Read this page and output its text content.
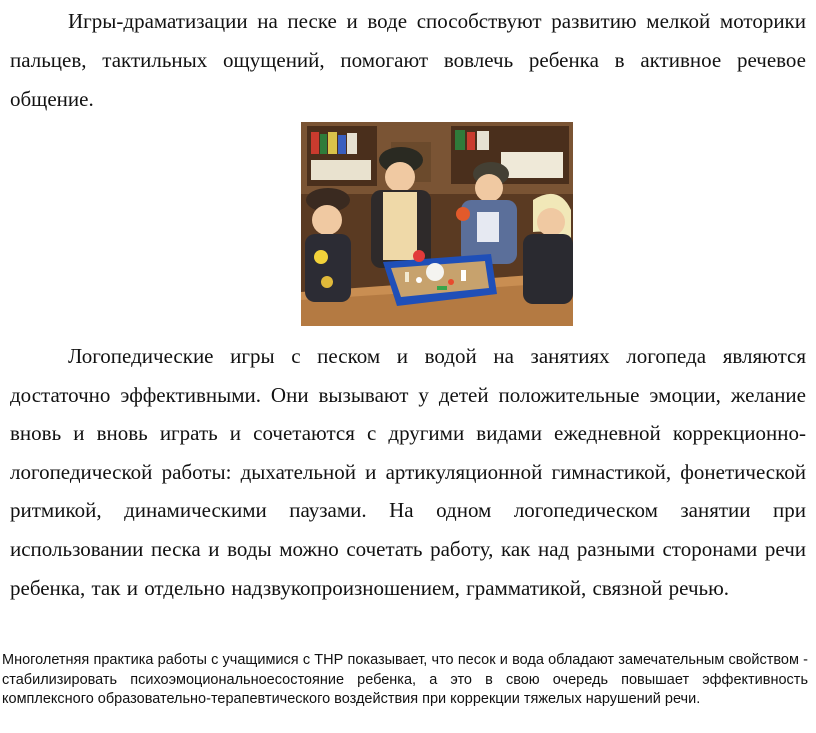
Игры-драматизации на песке и воде способствуют развитию мелкой моторики пальцев, тактильных ощущений, помогают вовлечь ребенка в активное речевое общение.

Логопедические игры с песком и водой на занятиях логопеда являются достаточно эффективными. Они вызывают у детей положительные эмоции, желание вновь и вновь играть и сочетаются с другими видами ежедневной коррекционно-логопедической работы: дыхательной и артикуляционной гимнастикой, фонетической ритмикой, динамическими паузами. На одном логопедическом занятии при использовании песка и воды можно сочетать работу, как над разными сторонами речи ребенка, так и отдельно надзвукопроизношением, грамматикой, связной речью.

Многолетняя практика работы с учащимися с ТНР показывает, что песок и вода обладают замечательным свойством - стабилизировать психоэмоциональноесостояние ребенка, а это в свою очередь повышает эффективность комплексного образовательно-терапевтического воздействия при коррекции тяжелых нарушений речи.
